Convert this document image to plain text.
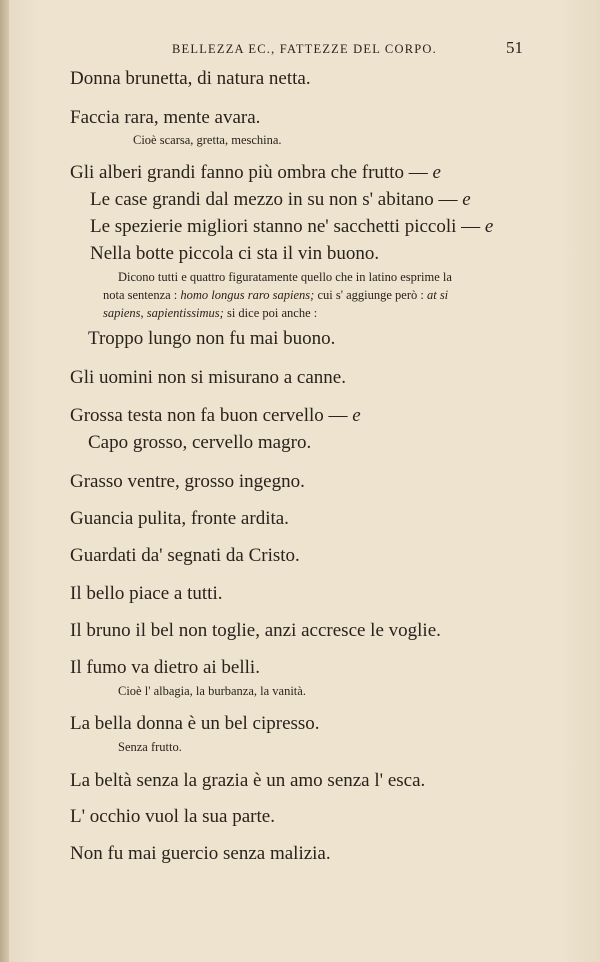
BELLEZZA EC., FATTEZZE DEL CORPO.	51
Donna brunetta, di natura netta.
Faccia rara, mente avara.
Cioè scarsa, gretta, meschina.
Gli alberi grandi fanno più ombra che frutto — e
Le case grandi dal mezzo in su non s' abitano — e
Le spezierie migliori stanno ne' sacchetti piccoli — e
Nella botte piccola ci sta il vin buono.
Dicono tutti e quattro figuratamente quello che in latino esprime la
nota sentenza : homo longus raro sapiens; cui s' aggiunge però : at si
sapiens, sapientissimus; si dice poi anche :
Troppo lungo non fu mai buono.
Gli uomini non si misurano a canne.
Grossa testa non fa buon cervello — e
Capo grosso, cervello magro.
Grasso ventre, grosso ingegno.
Guancia pulita, fronte ardita.
Guardati da' segnati da Cristo.
Il bello piace a tutti.
Il bruno il bel non toglie, anzi accresce le voglie.
Il fumo va dietro ai belli.
Cioè l' albagia, la burbanza, la vanità.
La bella donna è un bel cipresso.
Senza frutto.
La beltà senza la grazia è un amo senza l' esca.
L' occhio vuol la sua parte.
Non fu mai guercio senza malizia.
